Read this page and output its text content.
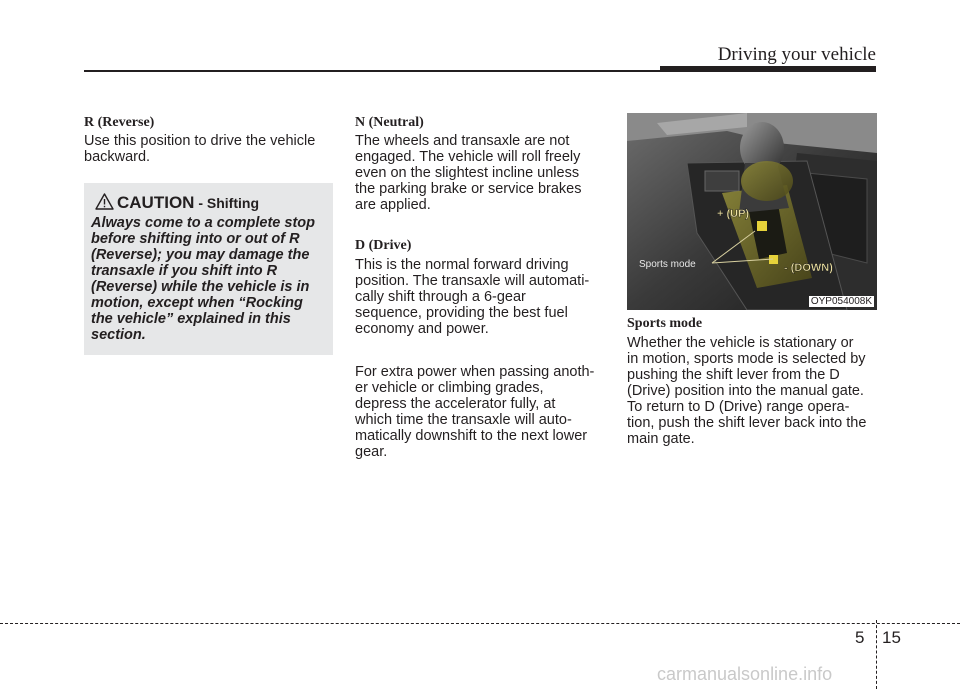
Driving your vehicle
R (Reverse)
Use this position to drive the vehicle
backward.
CAUTION - Shifting
Always come to a complete stop
before shifting into or out of R
(Reverse); you may damage the
transaxle if you shift into R
(Reverse) while the vehicle is in
motion, except when “Rocking
the vehicle” explained in this
section.
N (Neutral)
The wheels and transaxle are not
engaged. The vehicle will roll freely
even on the slightest incline unless
the parking brake or service brakes
are applied.
D (Drive)
This is the normal forward driving
position. The transaxle will automati-
cally shift through a 6-gear
sequence, providing the best fuel
economy and power.
For extra power when passing anoth-
er vehicle or climbing grades,
depress the accelerator fully, at
which time the transaxle will auto-
matically downshift to the next lower
gear.
+ (UP)
- (DOWN)
Sports mode
OYP054008K
Sports mode
Whether the vehicle is stationary or
in motion, sports mode is selected by
pushing the shift lever from the D
(Drive) position into the manual gate.
To return to D (Drive) range opera-
tion, push the shift lever back into the
main gate.
5 15
carmanualsonline.info
